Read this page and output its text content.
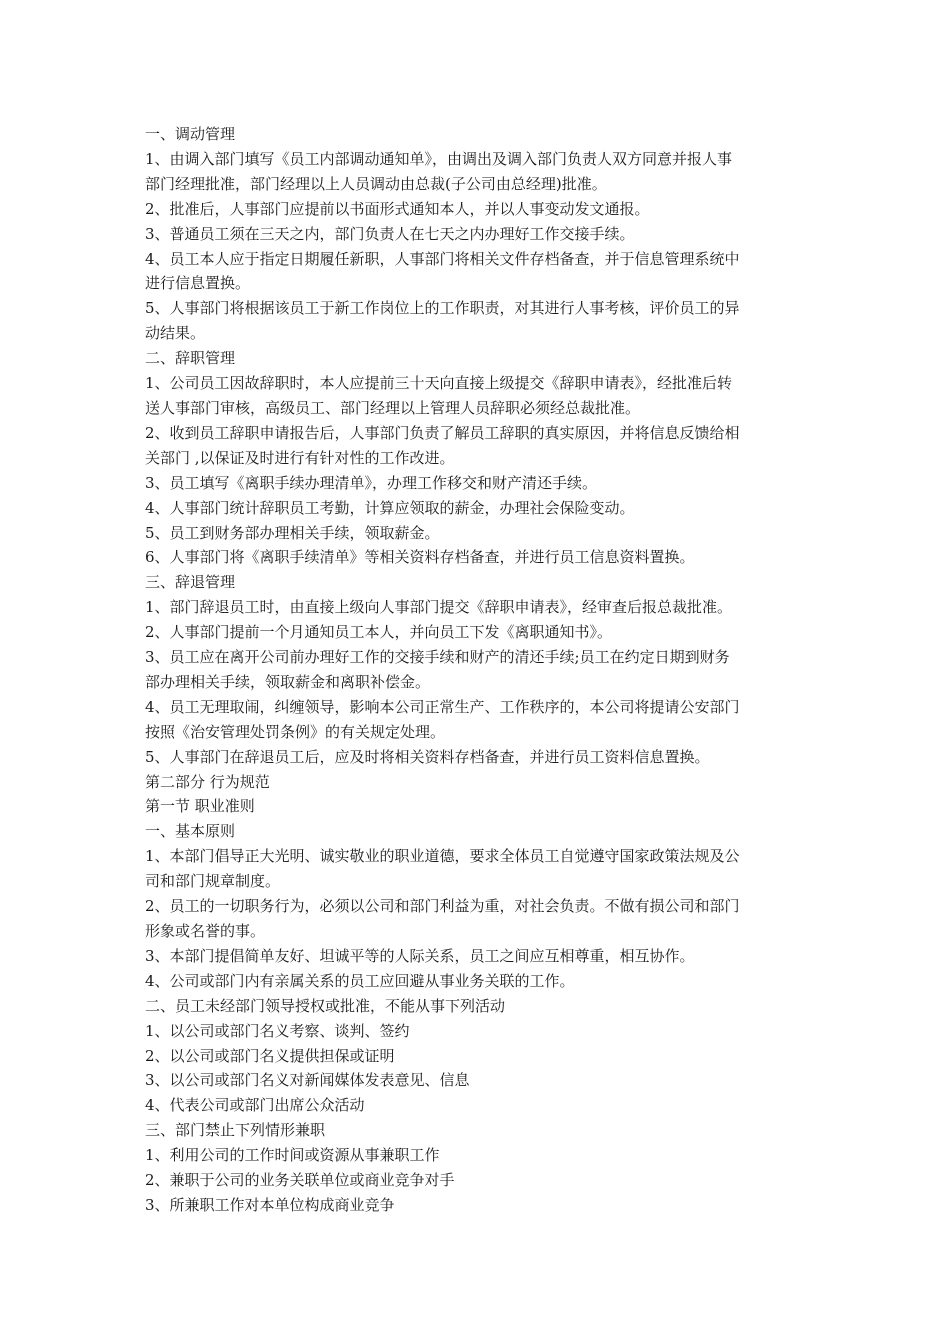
一、调动管理
1、由调入部门填写《员工内部调动通知单》，由调出及调入部门负责人双方同意并报人事
部门经理批准，部门经理以上人员调动由总裁(子公司由总经理)批准。
2、批准后，人事部门应提前以书面形式通知本人，并以人事变动发文通报。
3、普通员工须在三天之内，部门负责人在七天之内办理好工作交接手续。
4、员工本人应于指定日期履任新职，人事部门将相关文件存档备查，并于信息管理系统中
进行信息置换。
5、人事部门将根据该员工于新工作岗位上的工作职责，对其进行人事考核，评价员工的异
动结果。
二、辞职管理
1、公司员工因故辞职时，本人应提前三十天向直接上级提交《辞职申请表》，经批准后转
送人事部门审核，高级员工、部门经理以上管理人员辞职必须经总裁批准。
2、收到员工辞职申请报告后，人事部门负责了解员工辞职的真实原因，并将信息反馈给相
关部门 ,以保证及时进行有针对性的工作改进。
3、员工填写《离职手续办理清单》，办理工作移交和财产清还手续。
4、人事部门统计辞职员工考勤，计算应领取的薪金，办理社会保险变动。
5、员工到财务部办理相关手续，领取薪金。
6、人事部门将《离职手续清单》等相关资料存档备查，并进行员工信息资料置换。
三、辞退管理
1、部门辞退员工时，由直接上级向人事部门提交《辞职申请表》，经审查后报总裁批准。
2、人事部门提前一个月通知员工本人，并向员工下发《离职通知书》。
3、员工应在离开公司前办理好工作的交接手续和财产的清还手续;员工在约定日期到财务
部办理相关手续，领取薪金和离职补偿金。
4、员工无理取闹，纠缠领导，影响本公司正常生产、工作秩序的，本公司将提请公安部门
按照《治安管理处罚条例》的有关规定处理。
5、人事部门在辞退员工后，应及时将相关资料存档备查，并进行员工资料信息置换。
第二部分 行为规范
第一节 职业准则
一、基本原则
1、本部门倡导正大光明、诚实敬业的职业道德，要求全体员工自觉遵守国家政策法规及公
司和部门规章制度。
2、员工的一切职务行为，必须以公司和部门利益为重，对社会负责。不做有损公司和部门
形象或名誉的事。
3、本部门提倡简单友好、坦诚平等的人际关系，员工之间应互相尊重，相互协作。
4、公司或部门内有亲属关系的员工应回避从事业务关联的工作。
二、员工未经部门领导授权或批准，不能从事下列活动
1、以公司或部门名义考察、谈判、签约
2、以公司或部门名义提供担保或证明
3、以公司或部门名义对新闻媒体发表意见、信息
4、代表公司或部门出席公众活动
三、部门禁止下列情形兼职
1、利用公司的工作时间或资源从事兼职工作
2、兼职于公司的业务关联单位或商业竞争对手
3、所兼职工作对本单位构成商业竞争
